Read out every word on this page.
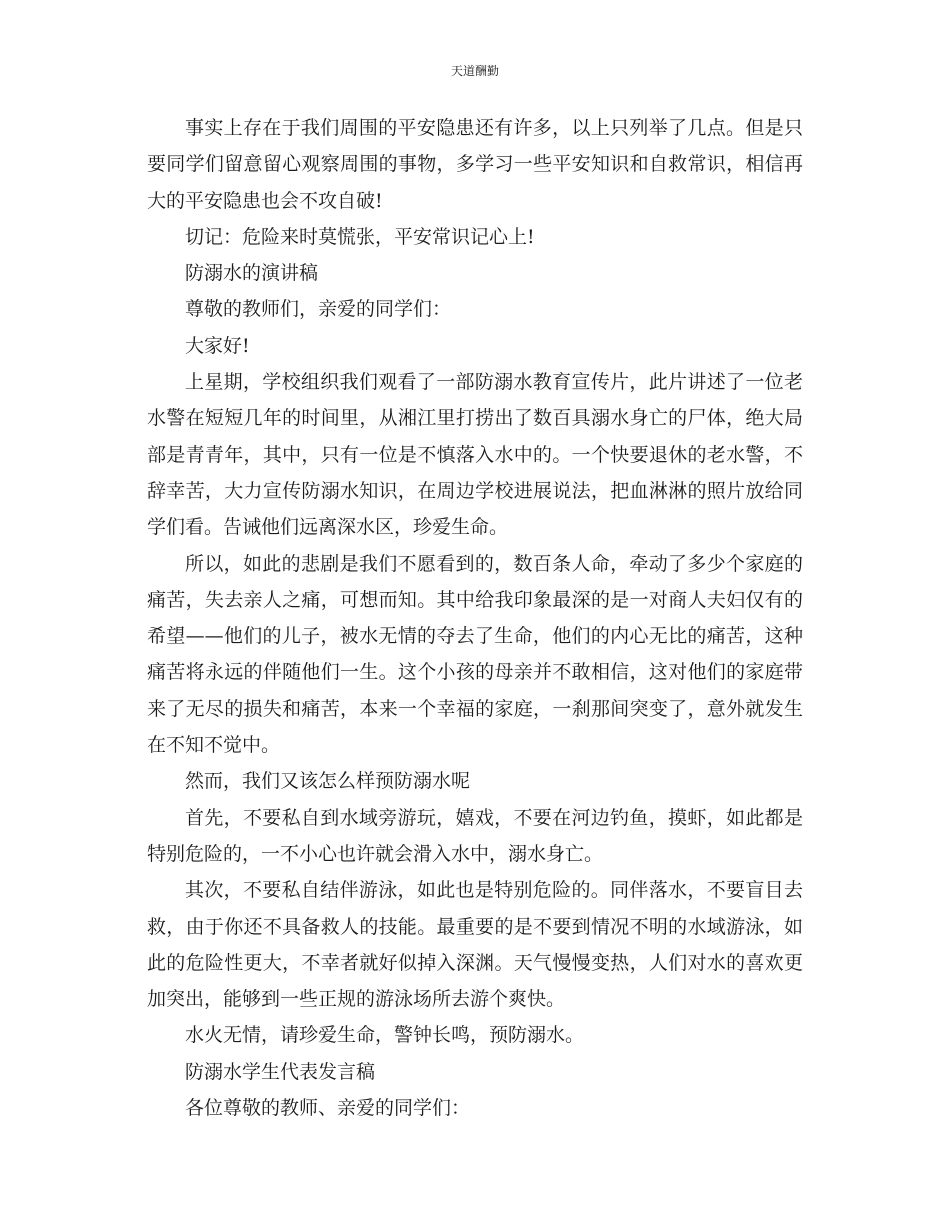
天道酬勤

事实上存在于我们周围的平安隐患还有许多，以上只列举了几点。但是只要同学们留意留心观察周围的事物，多学习一些平安知识和自救常识，相信再大的平安隐患也会不攻自破!

切记：危险来时莫慌张，平安常识记心上!

防溺水的演讲稿

尊敬的教师们，亲爱的同学们：

大家好!

上星期，学校组织我们观看了一部防溺水教育宣传片，此片讲述了一位老水警在短短几年的时间里，从湘江里打捞出了数百具溺水身亡的尸体，绝大局部是青青年，其中，只有一位是不慎落入水中的。一个快要退休的老水警，不辞幸苦，大力宣传防溺水知识，在周边学校进展说法，把血淋淋的照片放给同学们看。告诫他们远离深水区，珍爱生命。

所以，如此的悲剧是我们不愿看到的，数百条人命，牵动了多少个家庭的痛苦，失去亲人之痛，可想而知。其中给我印象最深的是一对商人夫妇仅有的希望——他们的儿子，被水无情的夺去了生命，他们的内心无比的痛苦，这种痛苦将永远的伴随他们一生。这个小孩的母亲并不敢相信，这对他们的家庭带来了无尽的损失和痛苦，本来一个幸福的家庭，一刹那间突变了，意外就发生在不知不觉中。

然而，我们又该怎么样预防溺水呢

首先，不要私自到水域旁游玩，嬉戏，不要在河边钓鱼，摸虾，如此都是特别危险的，一不小心也许就会滑入水中，溺水身亡。

其次，不要私自结伴游泳，如此也是特别危险的。同伴落水，不要盲目去救，由于你还不具备救人的技能。最重要的是不要到情况不明的水域游泳，如此的危险性更大，不幸者就好似掉入深渊。天气慢慢变热，人们对水的喜欢更加突出，能够到一些正规的游泳场所去游个爽快。

水火无情，请珍爱生命，警钟长鸣，预防溺水。

防溺水学生代表发言稿

各位尊敬的教师、亲爱的同学们：
